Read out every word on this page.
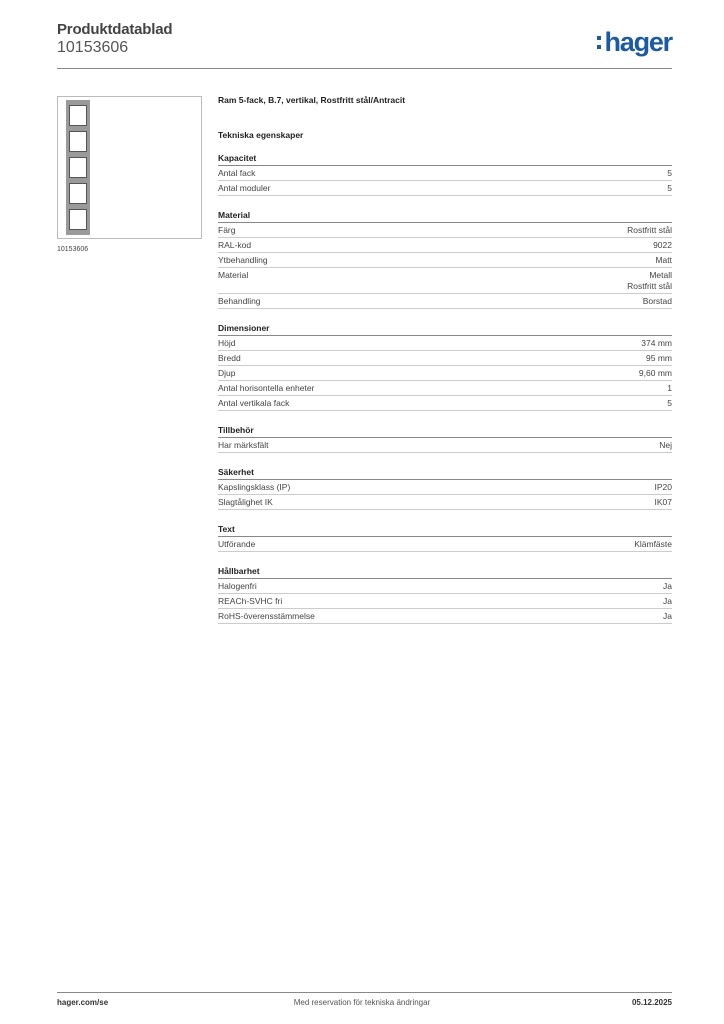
Produktdatablad
10153606	hager
10153606
Ram 5-fack, B.7, vertikal, Rostfritt stål/Antracit
Tekniska egenskaper
Kapacitet
Antal fack	5
Antal moduler	5
Material
Färg	Rostfritt stål
RAL-kod	9022
Ytbehandling	Matt
Material	Metall
Rostfritt stål
Behandling	Borstad
Dimensioner
Höjd	374 mm
Bredd	95 mm
Djup	9,60 mm
Antal horisontella enheter	1
Antal vertikala fack	5
Tillbehör
Har märksfält	Nej
Säkerhet
Kapslingsklass (IP)	IP20
Slagtålighet IK	IK07
Text
Utförande	Klämfäste
Hållbarhet
Halogenfri	Ja
REACh-SVHC fri	Ja
RoHS-överensstämmelse	Ja
hager.com/se	Med reservation för tekniska ändringar	05.12.2025
